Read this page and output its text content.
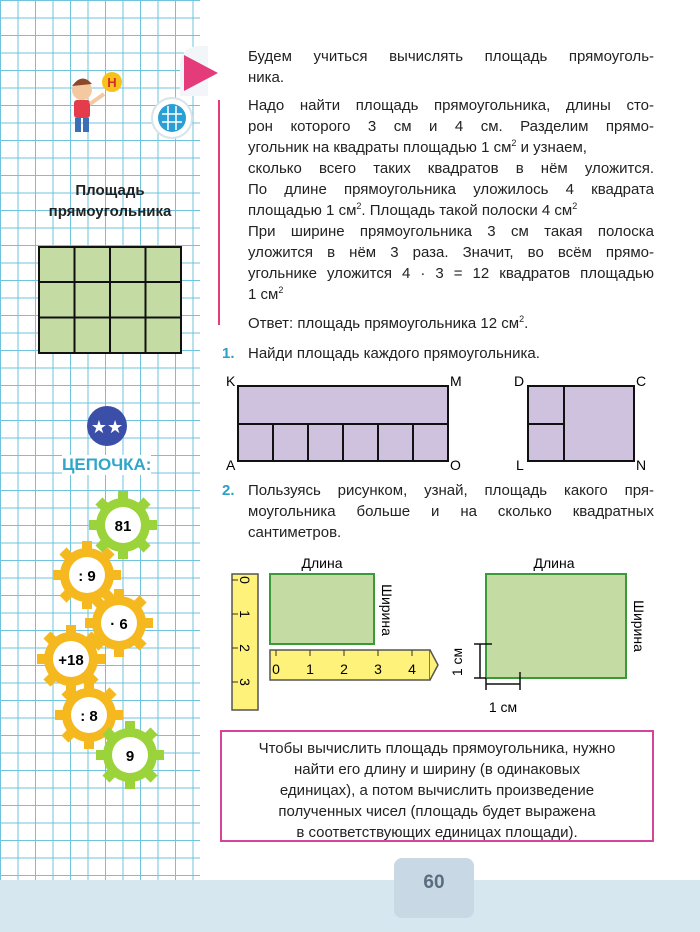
Н
Площадь прямоугольника
★★
ЦЕПОЧКА:
81
: 9
· 6
+18
: 8
9
Будем учиться вычислять площадь прямоуголь-
ника.
Надо найти площадь прямоугольника, длины сто-
рон которого 3 см и 4 см. Разделим прямо-
угольник на квадраты площадью 1 $см^2$ и узнаем,
сколько всего таких квадратов в нём уложится.
По длине прямоугольника уложилось 4 квадрата
площадью 1 $см^2$. Площадь такой полоски 4 $см^2$
При ширине прямоугольника 3 см такая полоска
уложится в нём 3 раза. Значит, во всём прямо-
угольнике уложится 4 · 3 = 12 квадратов площадью
1 $см^2$
Ответ: площадь прямоугольника 12 $см^2$.
1. Найди площадь каждого прямоугольника.
K	M
A	O
D	C
L	N
2. Пользуясь рисунком, узнай, площадь какого пря-
моугольника больше и на сколько квадратных
сантиметров.
0 1 2 3 4
0
1
2
3
Длина	Длина
Ширина	Ширина
1 см
1 см
Чтобы вычислить площадь прямоугольника, нужно
найти его длину и ширину (в одинаковых
единицах), а потом вычислить произведение
полученных чисел (площадь будет выражена
в соответствующих единицах площади).
60
